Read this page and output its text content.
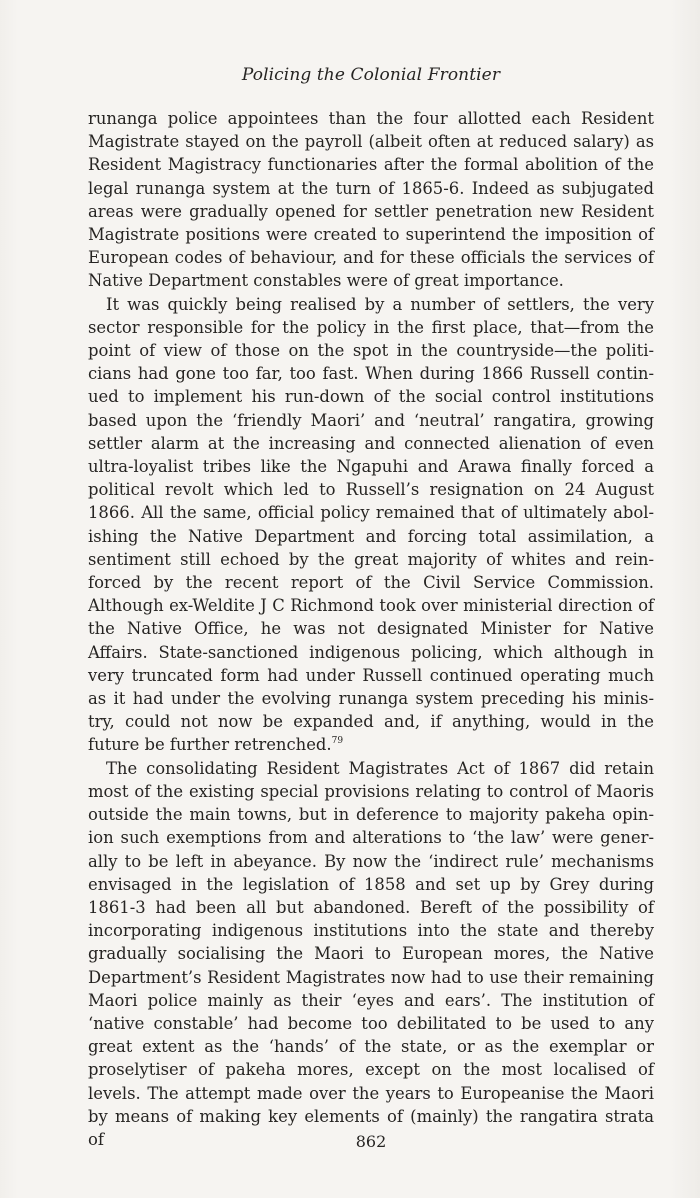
Policing the Colonial Frontier

runanga police appointees than the four allotted each Resident Magistrate stayed on the payroll (albeit often at reduced salary) as Resident Magistracy functionaries after the formal abolition of the legal runanga system at the turn of 1865-6. Indeed as subjugated areas were gradually opened for settler penetration new Resident Magistrate positions were created to superintend the imposition of European codes of behaviour, and for these officials the services of Native Department constables were of great importance.

It was quickly being realised by a number of settlers, the very sector responsible for the policy in the first place, that—from the point of view of those on the spot in the countryside—the politi-cians had gone too far, too fast. When during 1866 Russell contin-ued to implement his run-down of the social control institutions based upon the ‘friendly Maori’ and ‘neutral’ rangatira, growing settler alarm at the increasing and connected alienation of even ultra-loyalist tribes like the Ngapuhi and Arawa finally forced a political revolt which led to Russell’s resignation on 24 August 1866. All the same, official policy remained that of ultimately abol-ishing the Native Department and forcing total assimilation, a sentiment still echoed by the great majority of whites and rein-forced by the recent report of the Civil Service Commission. Although ex-Weldite J C Richmond took over ministerial direction of the Native Office, he was not designated Minister for Native Affairs. State-sanctioned indigenous policing, which although in very truncated form had under Russell continued operating much as it had under the evolving runanga system preceding his minis-try, could not now be expanded and, if anything, would in the future be further retrenched.$^{79}$

The consolidating Resident Magistrates Act of 1867 did retain most of the existing special provisions relating to control of Maoris outside the main towns, but in deference to majority pakeha opin-ion such exemptions from and alterations to ‘the law’ were gener-ally to be left in abeyance. By now the ‘indirect rule’ mechanisms envisaged in the legislation of 1858 and set up by Grey during 1861-3 had been all but abandoned. Bereft of the possibility of incorporating indigenous institutions into the state and thereby gradually socialising the Maori to European mores, the Native Department’s Resident Magistrates now had to use their remaining Maori police mainly as their ‘eyes and ears’. The institution of ‘native constable’ had become too debilitated to be used to any great extent as the ‘hands’ of the state, or as the exemplar or proselytiser of pakeha mores, except on the most localised of levels. The attempt made over the years to Europeanise the Maori by means of making key elements of (mainly) the rangatira strata of	862
